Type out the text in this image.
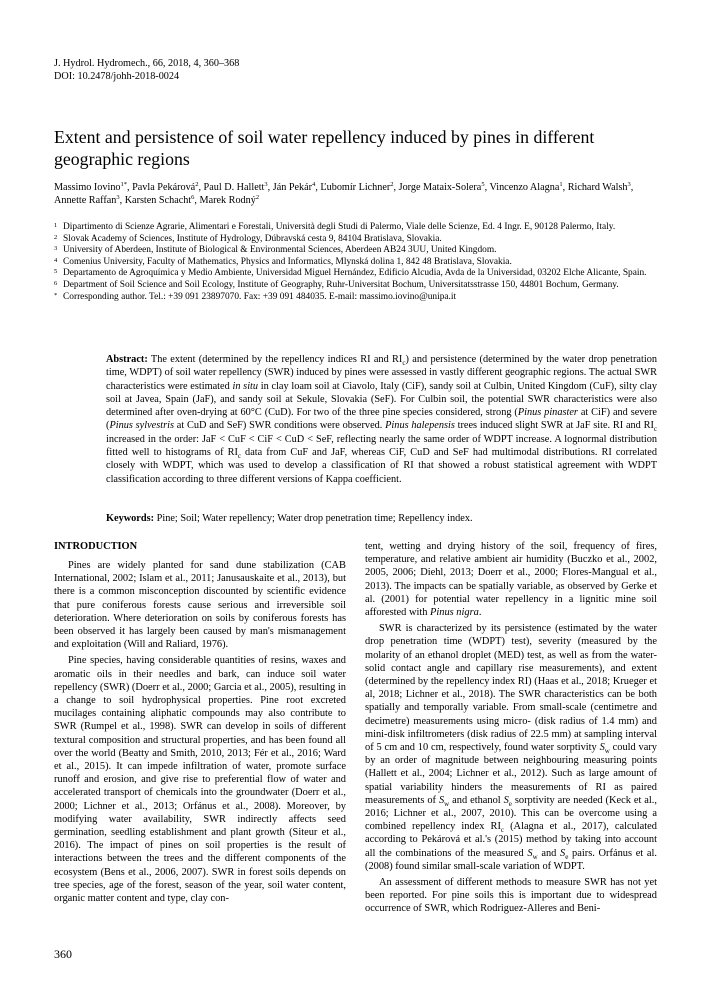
J. Hydrol. Hydromech., 66, 2018, 4, 360–368
DOI: 10.2478/johh-2018-0024
Extent and persistence of soil water repellency induced by pines in different geographic regions
Massimo Iovino$^{1*}$, Pavla Pekárová$^2$, Paul D. Hallett$^3$, Ján Pekár$^4$, Ľubomír Lichner$^2$, Jorge Mataix-Solera$^5$, Vincenzo Alagna$^1$, Richard Walsh$^3$, Annette Raffan$^3$, Karsten Schacht$^6$, Marek Rodný$^2$
1 Dipartimento di Scienze Agrarie, Alimentari e Forestali, Università degli Studi di Palermo, Viale delle Scienze, Ed. 4 Ingr. E, 90128 Palermo, Italy.
2 Slovak Academy of Sciences, Institute of Hydrology, Dúbravská cesta 9, 84104 Bratislava, Slovakia.
3 University of Aberdeen, Institute of Biological & Environmental Sciences, Aberdeen AB24 3UU, United Kingdom.
4 Comenius University, Faculty of Mathematics, Physics and Informatics, Mlynská dolina 1, 842 48 Bratislava, Slovakia.
5 Departamento de Agroquímica y Medio Ambiente, Universidad Miguel Hernández, Edificio Alcudia, Avda de la Universidad, 03202 Elche Alicante, Spain.
6 Department of Soil Science and Soil Ecology, Institute of Geography, Ruhr-Universitat Bochum, Universitatsstrasse 150, 44801 Bochum, Germany.
* Corresponding author. Tel.: +39 091 23897070. Fax: +39 091 484035. E-mail: massimo.iovino@unipa.it
Abstract: The extent (determined by the repellency indices RI and $RI_c$) and persistence (determined by the water drop penetration time, WDPT) of soil water repellency (SWR) induced by pines were assessed in vastly different geographic regions. The actual SWR characteristics were estimated in situ in clay loam soil at Ciavolo, Italy (CiF), sandy soil at Culbin, United Kingdom (CuF), silty clay soil at Javea, Spain (JaF), and sandy soil at Sekule, Slovakia (SeF). For Culbin soil, the potential SWR characteristics were also determined after oven-drying at 60°C (CuD). For two of the three pine species considered, strong (Pinus pinaster at CiF) and severe (Pinus sylvestris at CuD and SeF) SWR conditions were observed. Pinus halepensis trees induced slight SWR at JaF site. RI and $RI_c$ increased in the order: JaF < CuF < CiF < CuD < SeF, reflecting nearly the same order of WDPT increase. A lognormal distribution fitted well to histograms of $RI_c$ data from CuF and JaF, whereas CiF, CuD and SeF had multimodal distributions. RI correlated closely with WDPT, which was used to develop a classification of RI that showed a robust statistical agreement with WDPT classification according to three different versions of Kappa coefficient.
Keywords: Pine; Soil; Water repellency; Water drop penetration time; Repellency index.
INTRODUCTION

Pines are widely planted for sand dune stabilization (CAB International, 2002; Islam et al., 2011; Janusauskaite et al., 2013), but there is a common misconception discounted by scientific evidence that pure coniferous forests cause serious and irreversible soil deterioration. Where deterioration on soils by coniferous forests has been observed it has largely been caused by man's mismanagement and exploitation (Will and Raliard, 1976).

Pine species, having considerable quantities of resins, waxes and aromatic oils in their needles and bark, can induce soil water repellency (SWR) (Doerr et al., 2000; Garcia et al., 2005), resulting in a change to soil hydrophysical properties. Pine root excreted mucilages containing aliphatic compounds may also contribute to SWR (Rumpel et al., 1998). SWR can develop in soils of different textural composition and structural properties, and has been found all over the world (Beatty and Smith, 2010, 2013; Fér et al., 2016; Ward et al., 2015). It can impede infiltration of water, promote surface runoff and erosion, and give rise to preferential flow of water and accelerated transport of chemicals into the groundwater (Doerr et al., 2000; Lichner et al., 2013; Orfánus et al., 2008). Moreover, by modifying water availability, SWR indirectly affects seed germination, seedling establishment and plant growth (Siteur et al., 2016). The impact of pines on soil properties is the result of interactions between the trees and the different components of the ecosystem (Bens et al., 2006, 2007). SWR in forest soils depends on tree species, age of the forest, season of the year, soil water content, organic matter content and type, clay con-

tent, wetting and drying history of the soil, frequency of fires, temperature, and relative ambient air humidity (Buczko et al., 2002, 2005, 2006; Diehl, 2013; Doerr et al., 2000; Flores-Mangual et al., 2013). The impacts can be spatially variable, as observed by Gerke et al. (2001) for potential water repellency in a lignitic mine soil afforested with Pinus nigra.

SWR is characterized by its persistence (estimated by the water drop penetration time (WDPT) test), severity (measured by the molarity of an ethanol droplet (MED) test, as well as from the water-solid contact angle and capillary rise measurements), and extent (determined by the repellency index RI) (Haas et al., 2018; Krueger et al, 2018; Lichner et al., 2018). The SWR characteristics can be both spatially and temporally variable. From small-scale (centimetre and decimetre) measurements using micro- (disk radius of 1.4 mm) and mini-disk infiltrometers (disk radius of 22.5 mm) at sampling interval of 5 cm and 10 cm, respectively, found water sorptivity $S_w$ could vary by an order of magnitude between neighbouring measuring points (Hallett et al., 2004; Lichner et al., 2012). Such as large amount of spatial variability hinders the measurements of RI as paired measurements of $S_w$ and ethanol $S_e$ sorptivity are needed (Keck et al., 2016; Lichner et al., 2007, 2010). This can be overcome using a combined repellency index $RI_c$ (Alagna et al., 2017), calculated according to Pekárová et al.'s (2015) method by taking into account all the combinations of the measured $S_w$ and $S_e$ pairs. Orfánus et al. (2008) found similar small-scale variation of WDPT.

An assessment of different methods to measure SWR has not yet been reported. For pine soils this is important due to widespread occurrence of SWR, which Rodriguez-Alleres and Beni-

360
